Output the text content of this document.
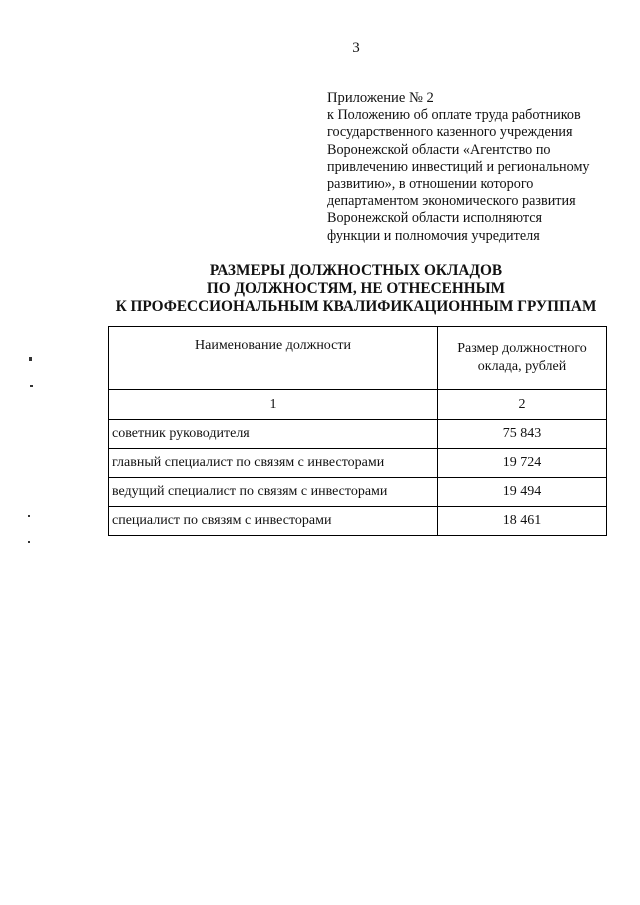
3
Приложение № 2
к Положению об оплате труда работников
государственного казенного учреждения
Воронежской области «Агентство по
привлечению инвестиций и региональному
развитию», в отношении которого
департаментом экономического развития
Воронежской области исполняются
функции и полномочия учредителя
РАЗМЕРЫ ДОЛЖНОСТНЫХ ОКЛАДОВ
ПО ДОЛЖНОСТЯМ, НЕ ОТНЕСЕННЫМ
К ПРОФЕССИОНАЛЬНЫМ КВАЛИФИКАЦИОННЫМ ГРУППАМ
Наименование должности	Размер должностного
оклада, рублей
1	2
советник руководителя	75 843
главный специалист по связям с инвесторами	19 724
ведущий специалист по связям с инвесторами	19 494
специалист по связям с инвесторами	18 461
